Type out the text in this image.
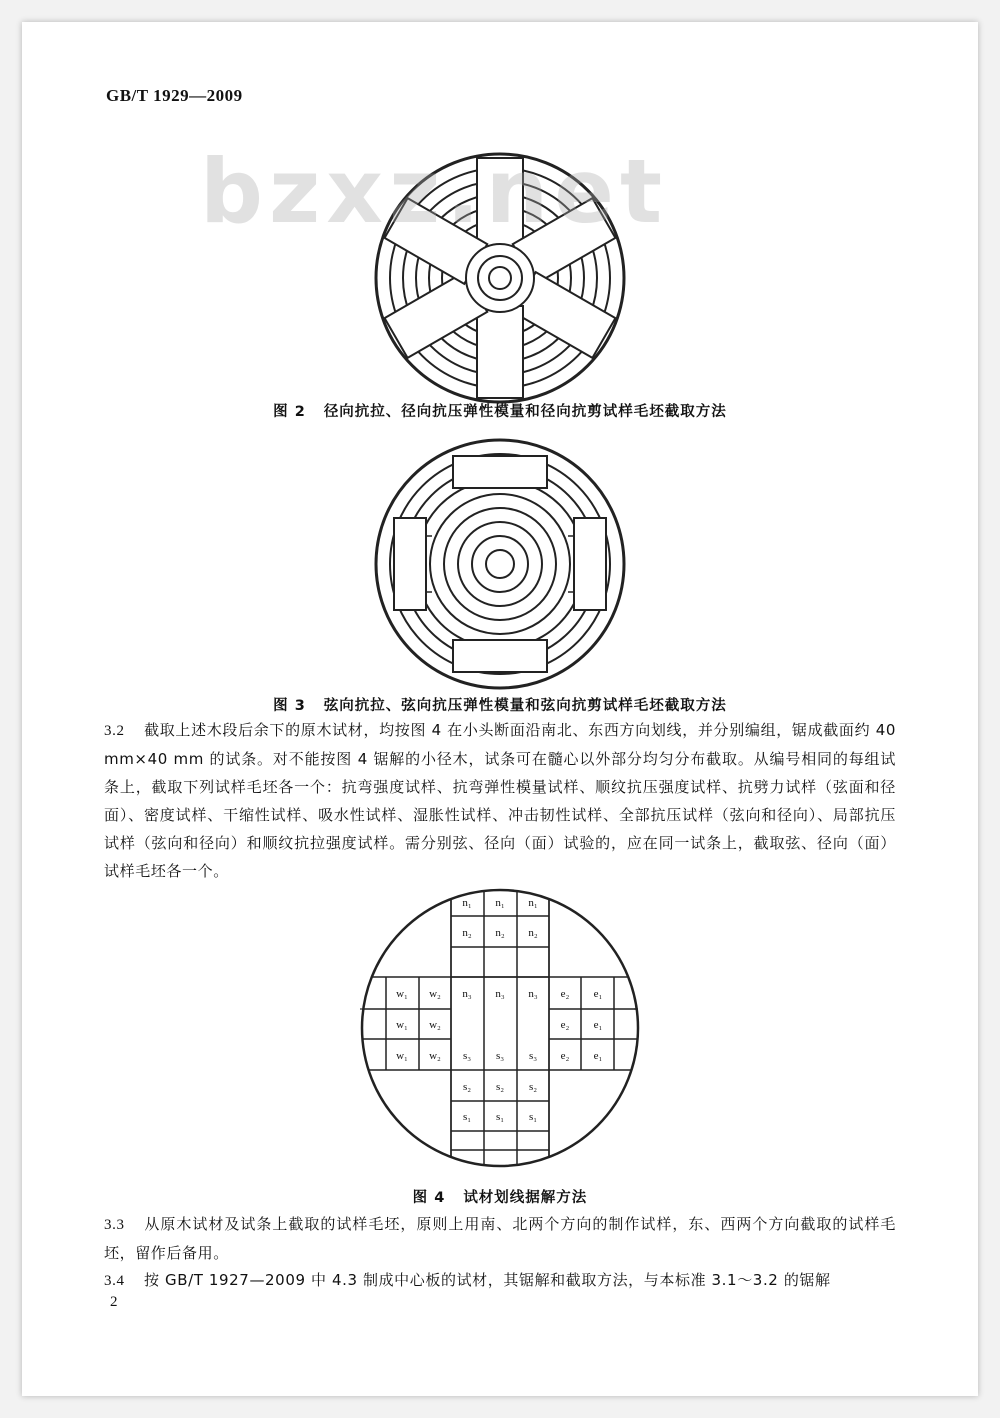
GB/T 1929—2009
bzxz.net
图 2 径向抗拉、径向抗压弹性模量和径向抗剪试样毛坯截取方法
图 3 弦向抗拉、弦向抗压弹性模量和弦向抗剪试样毛坯截取方法
3.2 截取上述木段后余下的原木试材，均按图 4 在小头断面沿南北、东西方向划线，并分别编组，锯成截面约 40 mm×40 mm 的试条。对不能按图 4 锯解的小径木，试条可在髓心以外部分均匀分布截取。从编号相同的每组试条上，截取下列试样毛坯各一个：抗弯强度试样、抗弯弹性模量试样、顺纹抗压强度试样、抗劈力试样（弦面和径面）、密度试样、干缩性试样、吸水性试样、湿胀性试样、冲击韧性试样、全部抗压试样（弦向和径向）、局部抗压试样（弦向和径向）和顺纹抗拉强度试样。需分别弦、径向（面）试验的，应在同一试条上，截取弦、径向（面）试样毛坯各一个。
n₁ n₁ n₁
n₂ n₂ n₂
w₁ w₂ n₃ n₃ n₃ e₂ e₁
w₁ w₂	e₂ e₁
w₁ w₂ s₃ s₃ s₃ e₂ e₁
s₂ s₂ s₂
s₁ s₁ s₁
图 4 试材划线据解方法
3.3 从原木试材及试条上截取的试样毛坯，原则上用南、北两个方向的制作试样，东、西两个方向截取的试样毛坯，留作后备用。
3.4 按 GB/T 1927—2009 中 4.3 制成中心板的试材，其锯解和截取方法，与本标准 3.1～3.2 的锯解
2
